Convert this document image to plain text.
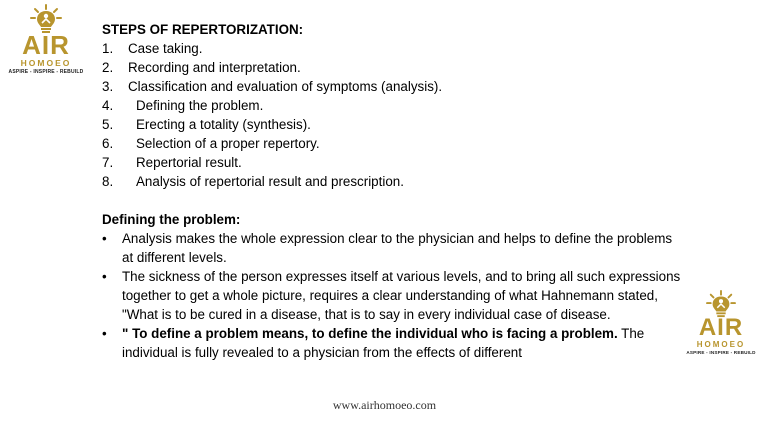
AIR
HOMOEO
ASPIRE - INSPIRE - REBUILD
STEPS OF REPERTORIZATION:
1.	Case taking.
2.	Recording and interpretation.
3.	Classification and evaluation of symptoms (analysis).
4.	Defining the problem.
5.	Erecting a totality (synthesis).
6.	Selection of a proper repertory.
7.	Repertorial result.
8.	Analysis of repertorial result and prescription.
Defining the problem:
• Analysis makes the whole expression clear to the physician and helps to define the problems at different levels.
• The sickness of the person expresses itself at various levels, and to bring all such expressions together to get a whole picture, requires a clear understanding of what Hahnemann stated, "What is to be cured in a disease, that is to say in every individual case of disease.
• " To define a problem means, to define the individual who is facing a problem. The individual is fully revealed to a physician from the effects of different
AIR
HOMOEO
ASPIRE - INSPIRE - REBUILD
www.airhomoeo.com
